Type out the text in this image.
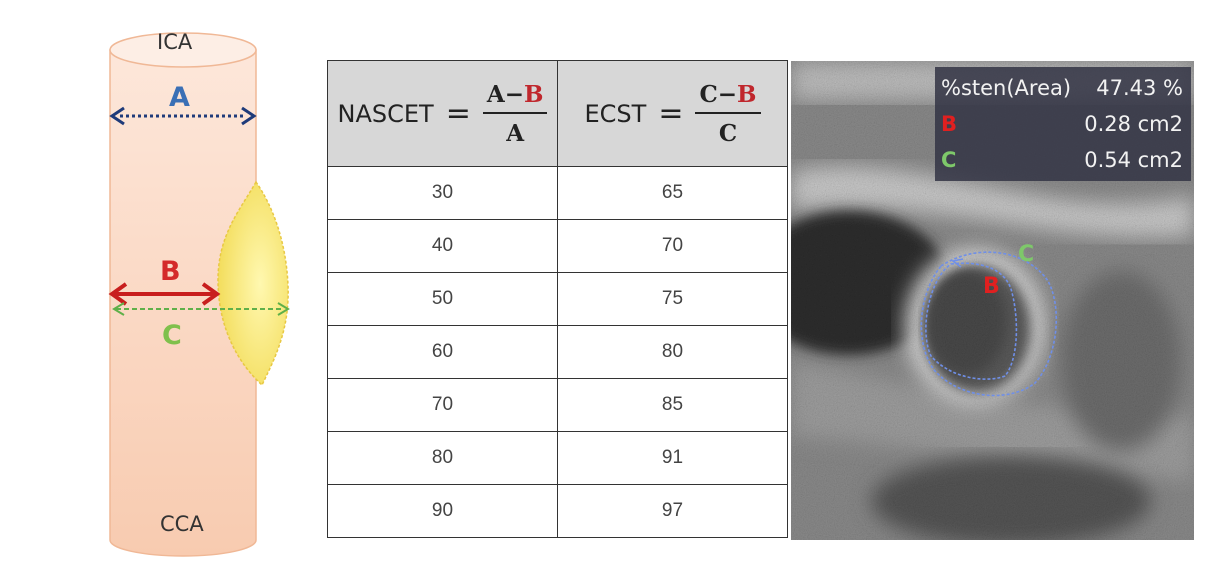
ICA
CCA
A
B
C
NASCET = $\frac{A-B}{A}$	ECST = $\frac{C-B}{C}$

30	65
40	70
50	75
60	80
70	85
80	91
90	97
B
C
%sten(Area) 47.43 %
B	0.28 cm2
C	0.54 cm2
